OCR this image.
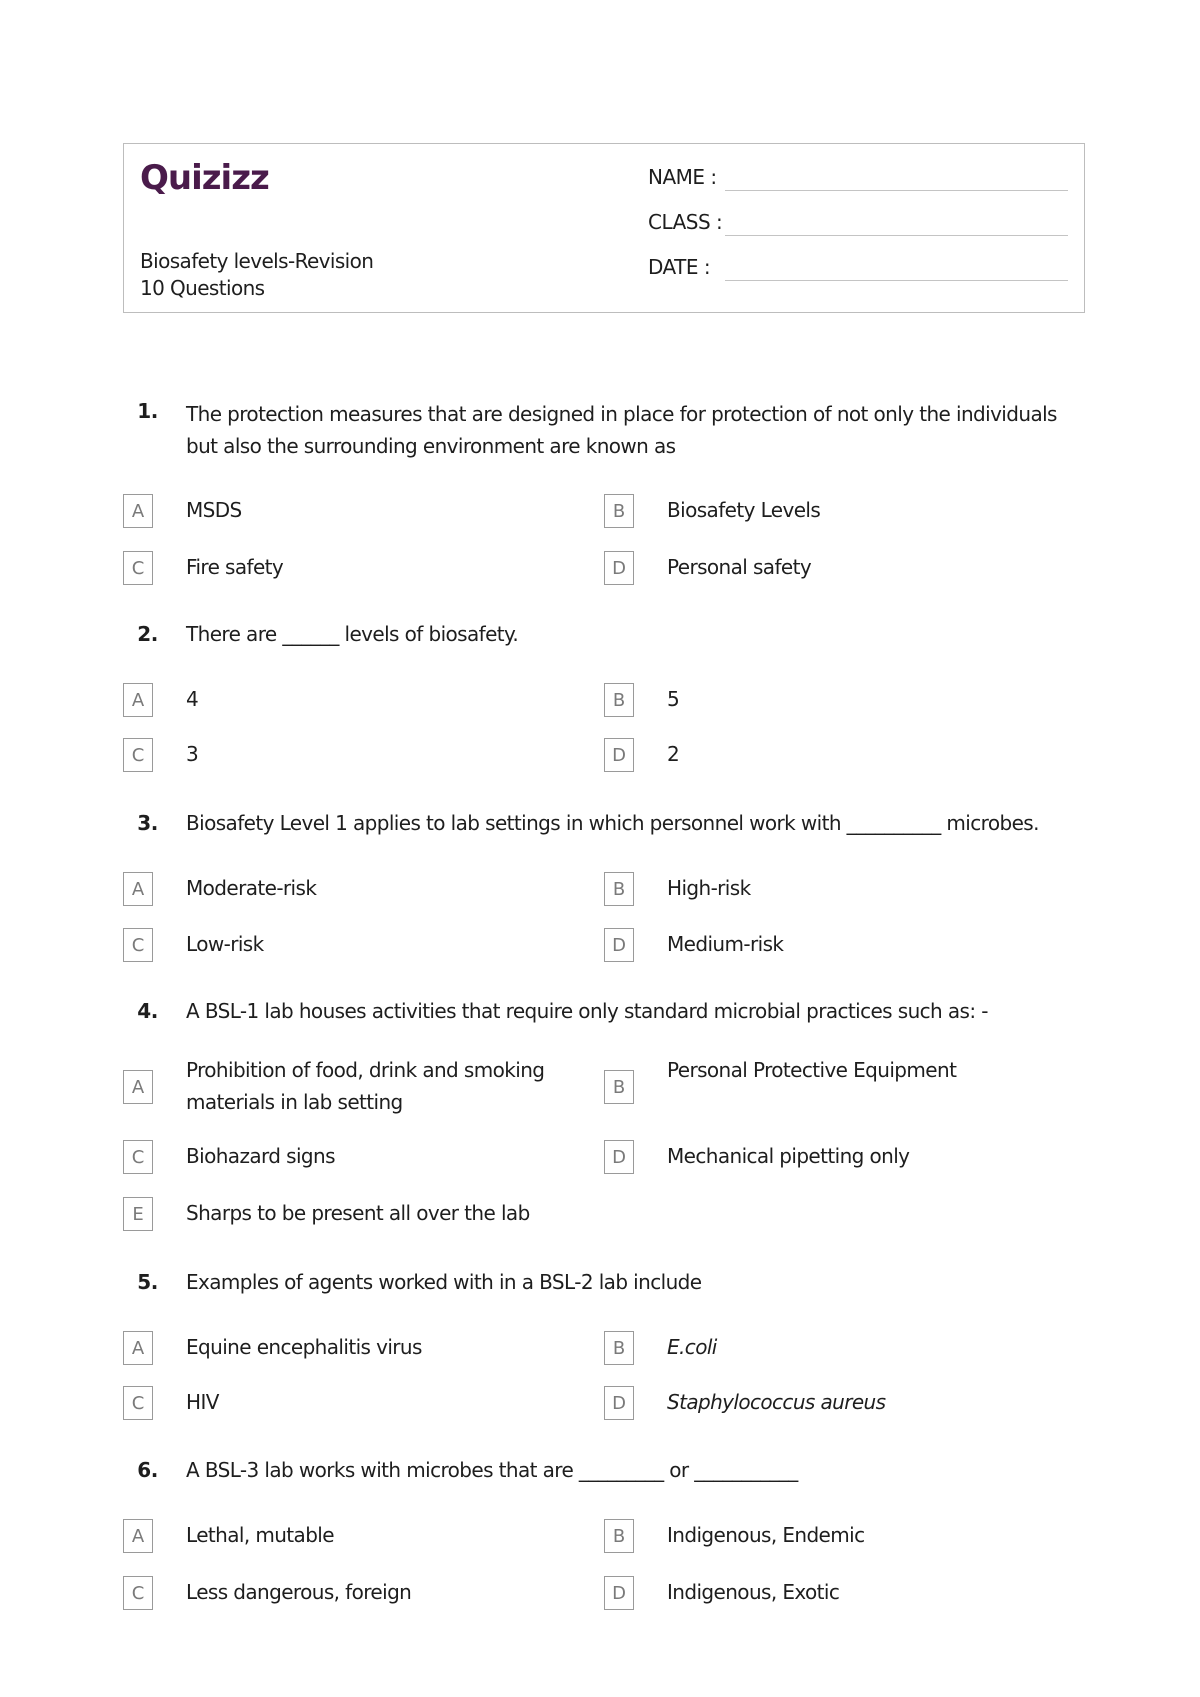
Quizizz
Biosafety levels-Revision
10 Questions
NAME :
CLASS :
DATE :
1. The protection measures that are designed in place for protection of not only the individuals but also the surrounding environment are known as
A	MSDS	B	Biosafety Levels
C	Fire safety	D	Personal safety
2. There are ______ levels of biosafety.
A	4	B	5
C	3	D	2
3. Biosafety Level 1 applies to lab settings in which personnel work with __________ microbes.
A	Moderate-risk	B	High-risk
C	Low-risk	D	Medium-risk
4. A BSL-1 lab houses activities that require only standard microbial practices such as: -
A
Prohibition of food, drink and smoking materials in lab setting
B
Personal Protective Equipment
C	Biohazard signs	D	Mechanical pipetting only
E	Sharps to be present all over the lab
5. Examples of agents worked with in a BSL-2 lab include
A	Equine encephalitis virus	B	E.coli
C	HIV	D	Staphylococcus aureus
6. A BSL-3 lab works with microbes that are _________ or ___________
A	Lethal, mutable	B	Indigenous, Endemic
C	Less dangerous, foreign	D	Indigenous, Exotic
